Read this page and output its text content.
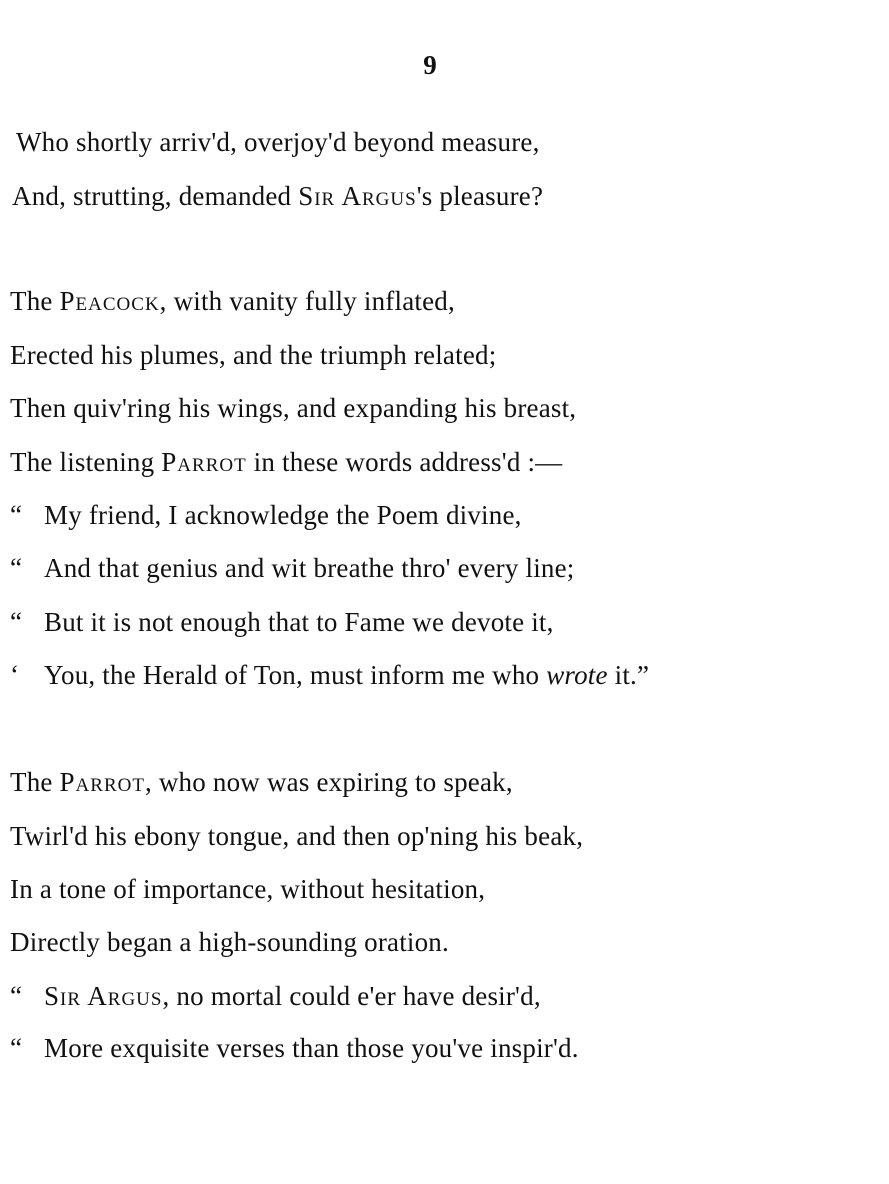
9
Who shortly arriv'd, overjoy'd beyond measure,
And, strutting, demanded Sir Argus's pleasure?
The Peacock, with vanity fully inflated,
Erected his plumes, and the triumph related;
Then quiv'ring his wings, and expanding his breast,
The listening Parrot in these words address'd :—
“ My friend, I acknowledge the Poem divine,
“ And that genius and wit breathe thro' every line;
“ But it is not enough that to Fame we devote it,
‘ You, the Herald of Ton, must inform me who wrote it.”
The Parrot, who now was expiring to speak,
Twirl'd his ebony tongue, and then op'ning his beak,
In a tone of importance, without hesitation,
Directly began a high-sounding oration.
“ Sir Argus, no mortal could e'er have desir'd,
“ More exquisite verses than those you've inspir'd.
